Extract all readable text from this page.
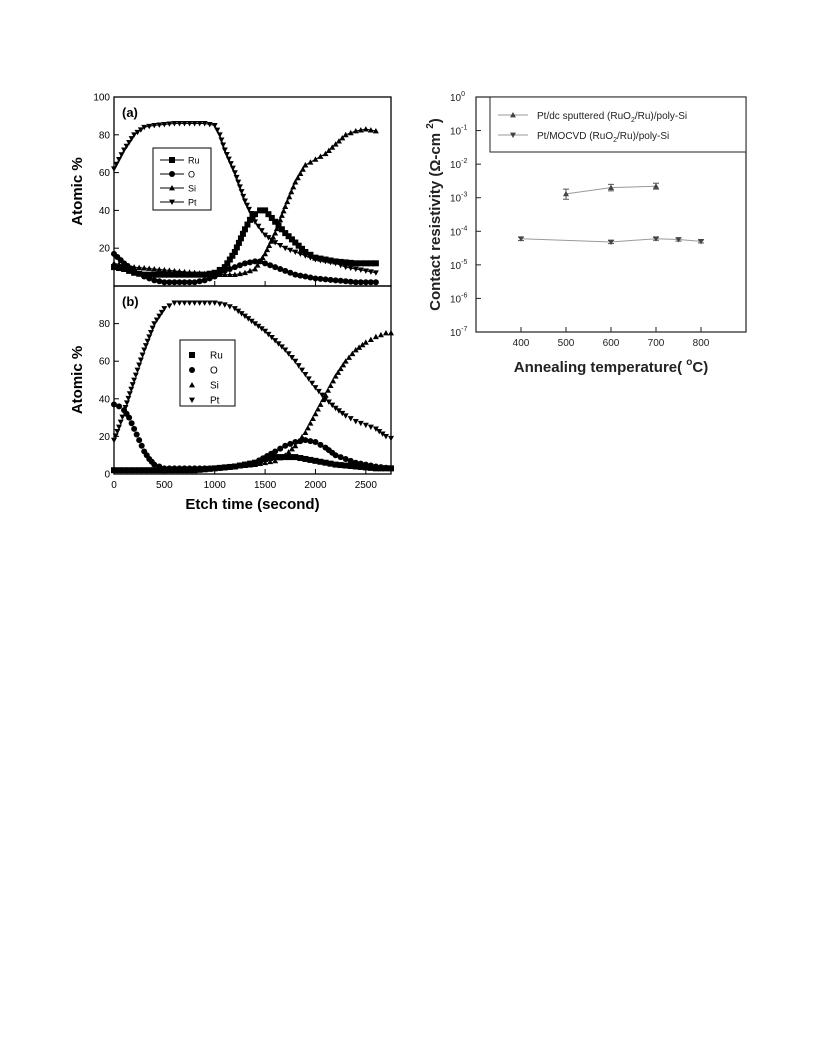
20
40
60
80
100
(a)
Atomic %	Ru
O
Si
Pt
0
20
40
60
80
0	500	1000	1500	2000	2500
(b)
Atomic %
Etch time (second)
Ru
O
Si
Pt
$10^{-7}$
$10^{-6}$
$10^{-5}$
$10^{-4}$
$10^{-3}$
$10^{-2}$
$10^{-1}$
$10^0$
400	500	600	700	800
Pt/dc sputtered (RuO$_2$/Ru)/poly-Si
Pt/MOCVD (RuO$_2$/Ru)/poly-Si
Annealing temperature( $^o$C)
Contact resistivity (Ω-cm $^2$)
